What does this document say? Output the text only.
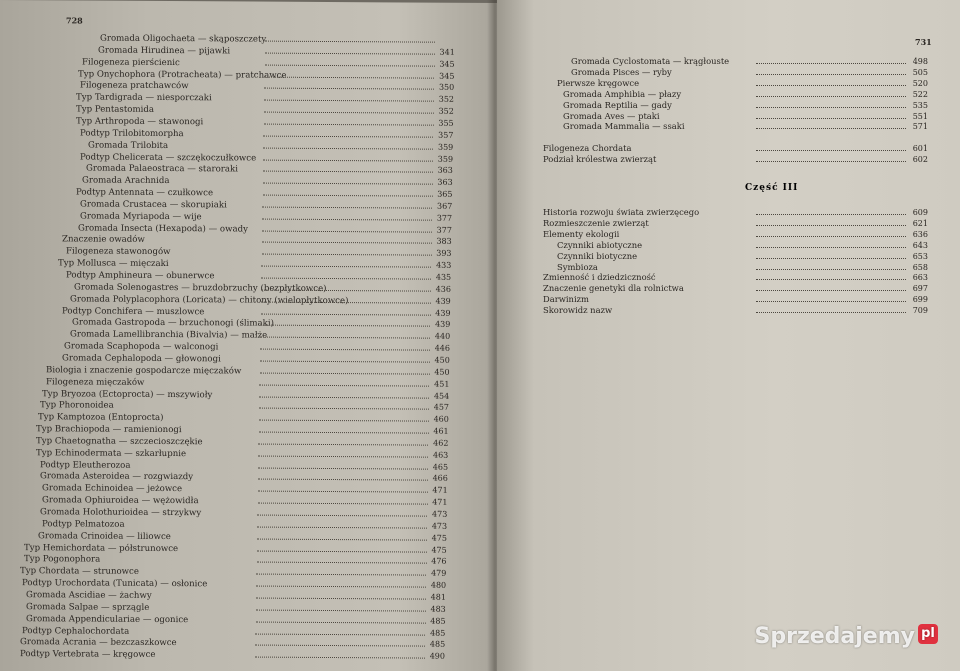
728
Gromada Oligochaeta — skąposzczety
Gromada Hirudinea — pijawki	341
Filogeneza pierścienic	345
Typ Onychophora (Protracheata) — pratchawce	345
Filogeneza pratchawców	350
Typ Tardigrada — niesporczaki	352
Typ Pentastomida	352
Typ Arthropoda — stawonogi	355
Podtyp Trilobitomorpha	357
Gromada Trilobita	359
Podtyp Chelicerata — szczękoczułkowce	359
Gromada Palaeostraca — staroraki	363
Gromada Arachnida	363
Podtyp Antennata — czułkowce	365
Gromada Crustacea — skorupiaki	367
Gromada Myriapoda — wije	377
Gromada Insecta (Hexapoda) — owady	377
Znaczenie owadów	383
Filogeneza stawonogów	393
Typ Mollusca — mięczaki	433
Podtyp Amphineura — obunerwce	435
Gromada Solenogastres — bruzdobrzuchy (bezpłytkowce)	436
Gromada Polyplacophora (Loricata) — chitony (wielopłytkowce)	439
Podtyp Conchifera — muszlowce	439
Gromada Gastropoda — brzuchonogi (ślimaki)	439
Gromada Lamellibranchia (Bivalvia) — małże	440
Gromada Scaphopoda — walconogi	446
Gromada Cephalopoda — głowonogi	450
Biologia i znaczenie gospodarcze mięczaków	450
Filogeneza mięczaków	451
Typ Bryozoa (Ectoprocta) — mszywioły	454
Typ Phoronoidea	457
Typ Kamptozoa (Entoprocta)	460
Typ Brachiopoda — ramienionogi	461
Typ Chaetognatha — szczecioszczękie	462
Typ Echinodermata — szkarłupnie	463
Podtyp Eleutherozoa	465
Gromada Asteroidea — rozgwiazdy	466
Gromada Echinoidea — jeżowce	471
Gromada Ophiuroidea — wężowidła	471
Gromada Holothurioidea — strzykwy	473
Podtyp Pelmatozoa	473
Gromada Crinoidea — liliowce	475
Typ Hemichordata — półstrunowce	475
Typ Pogonophora	476
Typ Chordata — strunowce	479
Podtyp Urochordata (Tunicata) — osłonice	480
Gromada Ascidiae — żachwy	481
Gromada Salpae — sprzągle	483
Gromada Appendiculariae — ogonice	485
Podtyp Cephalochordata	485
Gromada Acrania — bezczaszkowce	485
Podtyp Vertebrata — kręgowce	490
731
Gromada Cyclostomata — krągłouste	498
Gromada Pisces — ryby	505
Pierwsze kręgowce	520
Gromada Amphibia — płazy	522
Gromada Reptilia — gady	535
Gromada Aves — ptaki	551
Gromada Mammalia — ssaki	571
Filogeneza Chordata	601
Podział królestwa zwierząt	602
Historia rozwoju świata zwierzęcego	609
Rozmieszczenie zwierząt	621
Elementy ekologii	636
Czynniki abiotyczne	643
Czynniki biotyczne	653
Symbioza	658
Zmienność i dziedziczność	663
Znaczenie genetyki dla rolnictwa	697
Darwinizm	699
Skorowidz nazw	709
Część III
Sprzedajemy pl
